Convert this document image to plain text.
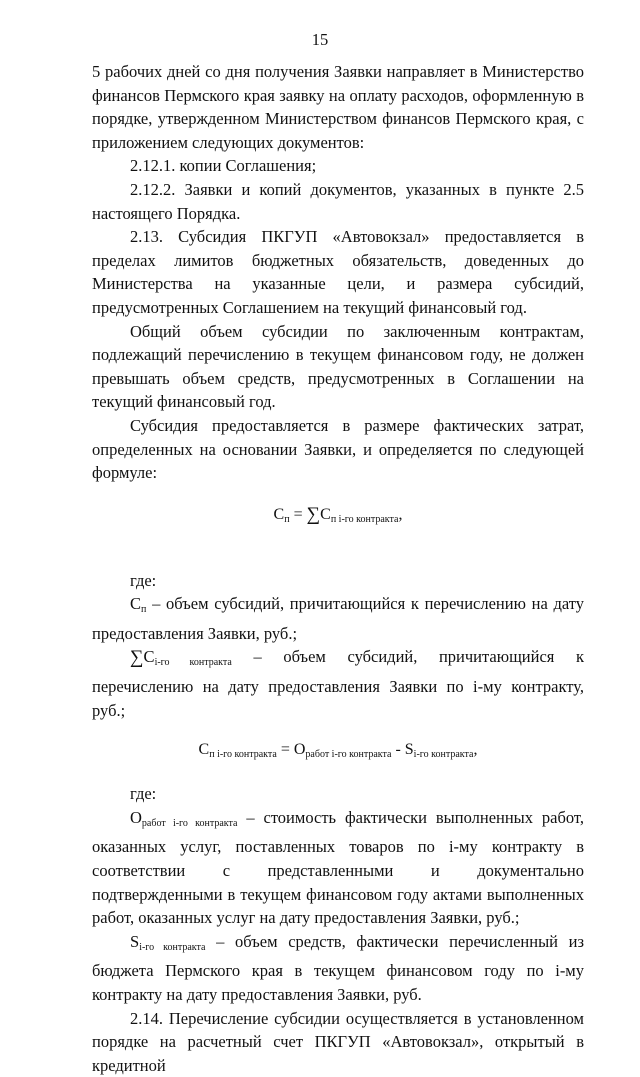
15

5 рабочих дней со дня получения Заявки направляет в Министерство финансов Пермского края заявку на оплату расходов, оформленную в порядке, утвержденном Министерством финансов Пермского края, с приложением следующих документов:

2.12.1. копии Соглашения;

2.12.2. Заявки и копий документов, указанных в пункте 2.5 настоящего Порядка.

2.13. Субсидия ПКГУП «Автовокзал» предоставляется в пределах лимитов бюджетных обязательств, доведенных до Министерства на указанные цели, и размера субсидий, предусмотренных Соглашением на текущий финансовый год.

Общий объем субсидии по заключенным контрактам, подлежащий перечислению в текущем финансовом году, не должен превышать объем средств, предусмотренных в Соглашении на текущий финансовый год.

Субсидия предоставляется в размере фактических затрат, определенных на основании Заявки, и определяется по следующей формуле:

$С_п = \sum С_{п i-го контракта}$,

где:

$С_п$ – объем субсидий, причитающийся к перечислению на дату предоставления Заявки, руб.;

$\sum С_{i-го контракта}$ – объем субсидий, причитающийся к перечислению на дату предоставления Заявки по i-му контракту, руб.;

$С_{п i-го контракта} = О_{работ i-го контракта} - S_{i-го контракта}$,

где:

$О_{работ i-го контракта}$ – стоимость фактически выполненных работ, оказанных услуг, поставленных товаров по i-му контракту в соответствии с представленными и документально подтвержденными в текущем финансовом году актами выполненных работ, оказанных услуг на дату предоставления Заявки, руб.;

$S_{i-го контракта}$ – объем средств, фактически перечисленный из бюджета Пермского края в текущем финансовом году по i-му контракту на дату предоставления Заявки, руб.

2.14. Перечисление субсидии осуществляется в установленном порядке на расчетный счет ПКГУП «Автовокзал», открытый в кредитной
